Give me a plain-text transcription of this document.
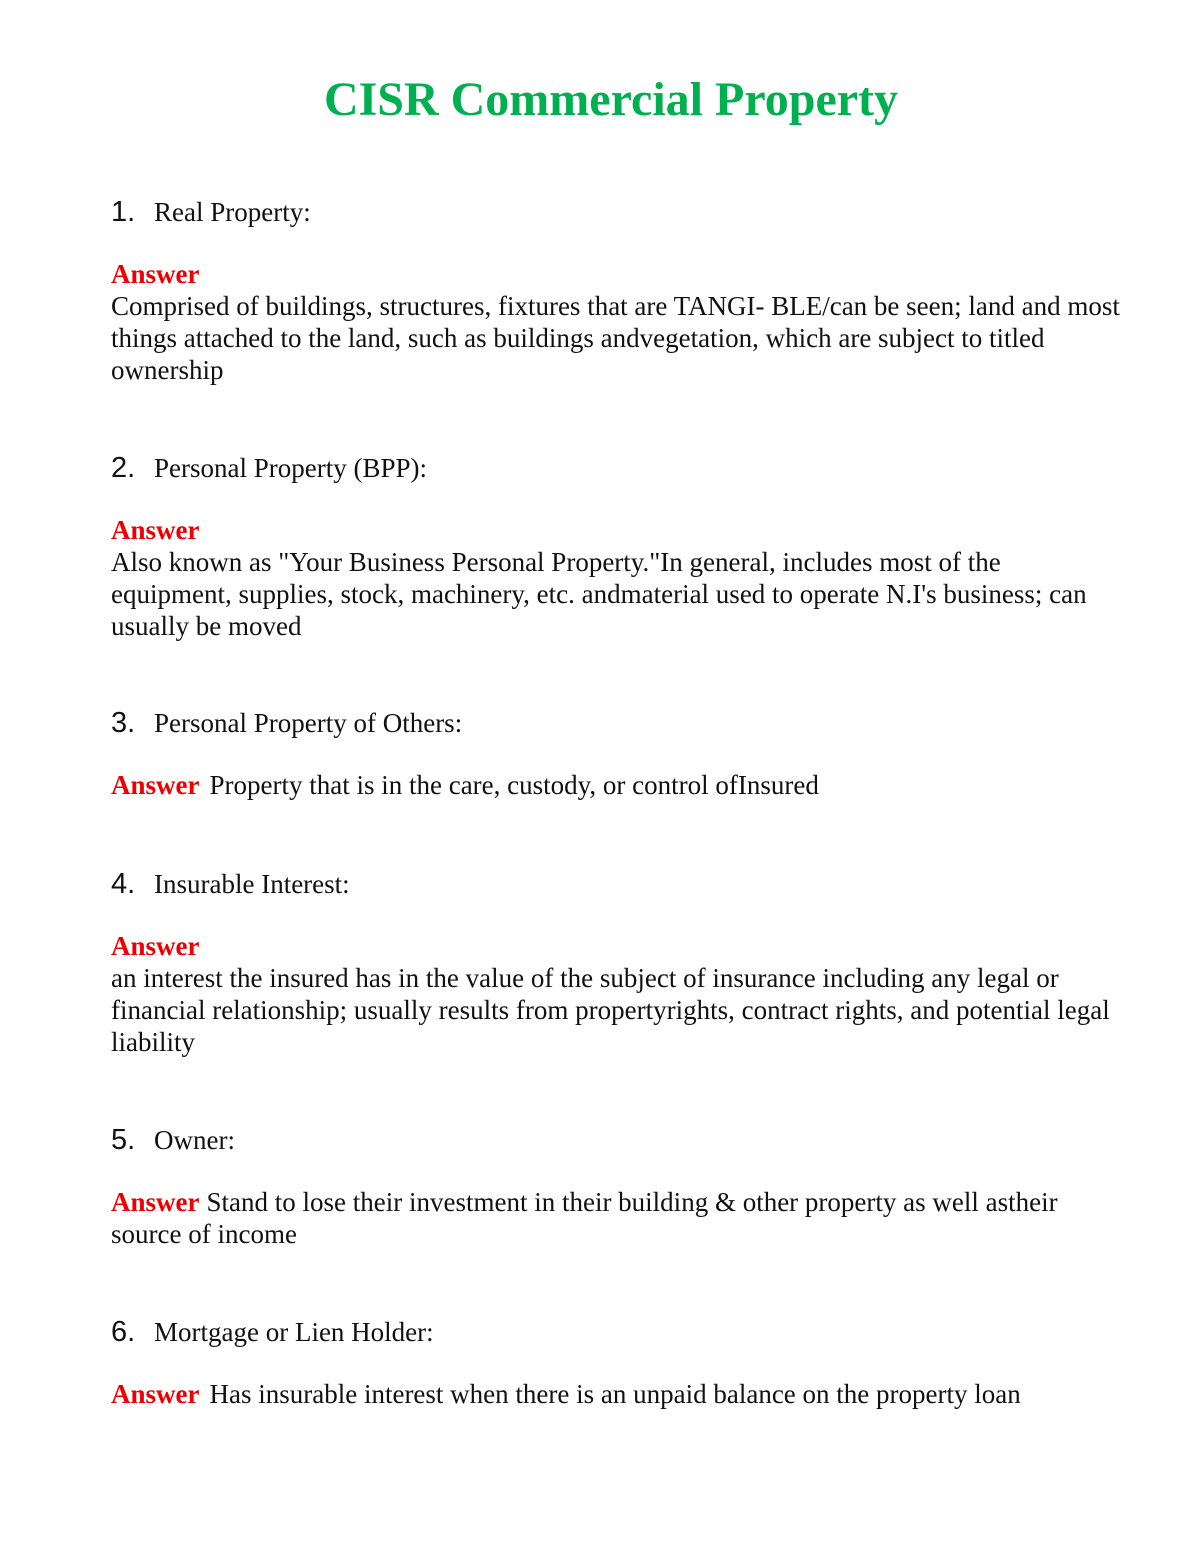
CISR Commercial Property

1. Real Property:

Answer
Comprised of buildings, structures, fixtures that are TANGI- BLE/can be seen; land and most things attached to the land, such as buildings andvegetation, which are subject to titled ownership

2. Personal Property (BPP):

Answer
Also known as "Your Business Personal Property."In general, includes most of the equipment, supplies, stock, machinery, etc. andmaterial used to operate N.I's business; can usually be moved

3. Personal Property of Others:

Answer Property that is in the care, custody, or control ofInsured

4. Insurable Interest:

Answer
an interest the insured has in the value of the subject of insurance including any legal or financial relationship; usually results from propertyrights, contract rights, and potential legal liability

5. Owner:

Answer Stand to lose their investment in their building & other property as well astheir source of income

6. Mortgage or Lien Holder:

Answer Has insurable interest when there is an unpaid balance on the property loan
